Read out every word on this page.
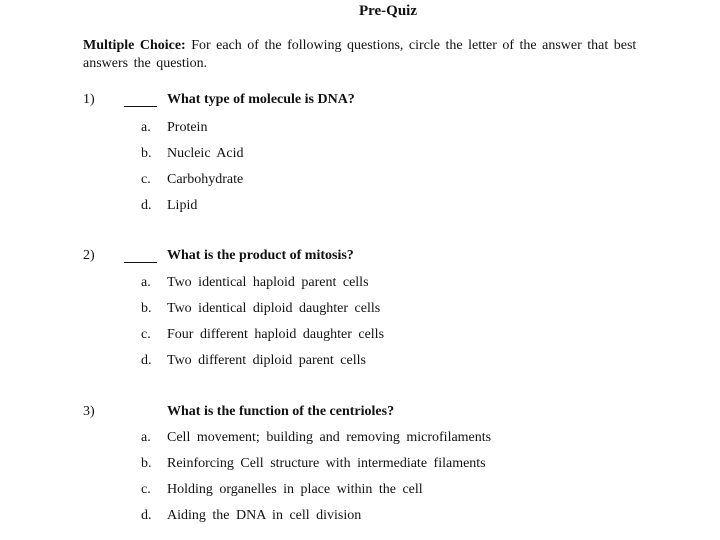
Pre-Quiz
Multiple Choice: For each of the following questions, circle the letter of the answer that best answers the question.
1)	What type of molecule is DNA?
a. Protein
b. Nucleic Acid
c. Carbohydrate
d. Lipid
2)	What is the product of mitosis?
a. Two identical haploid parent cells
b. Two identical diploid daughter cells
c. Four different haploid daughter cells
d. Two different diploid parent cells
3)	What is the function of the centrioles?
a. Cell movement; building and removing microfilaments
b. Reinforcing Cell structure with intermediate filaments
c. Holding organelles in place within the cell
d. Aiding the DNA in cell division
